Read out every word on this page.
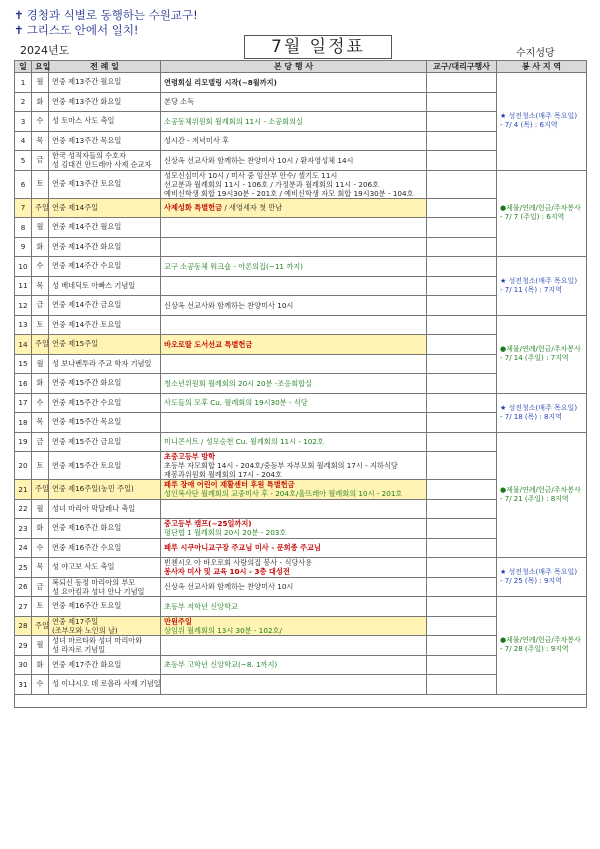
✝ 경청과 식별로 동행하는 수원교구!
✝ 그리스도 안에서 일치!
2024년도	7월 일정표	수지성당
일	요일	전 례 일	본 당 행 사	교구/대리구행사	봉 사 지 역
1	월	연중 제13주간 월요일	연령회실 리모델링 시작(~8월까지)		★ 성전청소(매주 목요일)
- 7/ 4 (목) : 6지역

2	화	연중 제13주간 화요일	본당 소독		

3	수	성 토마스 사도 축일	소공동체위원회 월례회의 11시 - 소공회의실		

4	목	연중 제13주간 목요일	성시간 - 저녁미사 후		

5	금	한국 성직자들의 수호자
성 김대건 안드레아 사제 순교자	신상옥 선교사와 함께하는 찬양미사 10시 / 환자영성체 14시		

6	토	연중 제13주간 토요일	성모신심미사 10시 / 미사 중 임산부 안수/ 셀기도 11시
선교분과 월례회의 11시 - 106호 / 가정분과 월례회의 11시 - 206호
예비신학생 회합 19시30분 - 201호 / 예비신학생 자모 회합 19시30분 - 104호		●제물/연례/헌금/주차봉사
- 7/ 7 (주일) : 6지역

7	주일	연중 제14주일	사제성화 특별헌금 / 새영세자 첫 만남		
8	월	연중 제14주간 월요일			
9	화	연중 제14주간 화요일			
10	수	연중 제14주간 수요일	교구 소공동체 워크숍 - 아론의집(~11 까지)		★ 성전청소(매주 목요일)
- 7/ 11 (목) : 7지역

11	목	성 베네딕토 아빠스 기념일			
12	금	연중 제14주간 금요일	신상옥 선교사와 함께하는 찬양미사 10시		

13	토	연중 제14주간 토요일			●제물/연례/헌금/주차봉사
- 7/ 14 (주일) : 7지역

14	주일	연중 제15주일	바오로딸 도서선교 특별헌금		

15	월	성 보나벤투라 주교 학자 기념일			
16	화	연중 제15주간 화요일	청소년위원회 월례회의 20시 20분 -조응회합실		

17	수	연중 제15주간 수요일	사도들의 모후 Cu. 월례회의 19시30분 - 식당		★ 성전청소(매주 목요일)
- 7/ 18 (목) : 8지역

18	목	연중 제15주간 목요일			
19	금	연중 제15주간 금요일	미니콘서트 / 성모승천 Cu. 월례회의 11시 - 102호		●제물/연례/헌금/주차봉사
- 7/ 21 (주일) : 8지역

20	토	연중 제15주간 토요일	초중고등부 방학
초등부 자모회합 14시 - 204호/중등부 자부모회 월례회의 17시 - 지하식당
재봉과위원회 월례회의 17시 - 204호		

21	주일	연중 제16주일(농민 주일)	패루 장애 어린이 재활센터 후원 특별헌금
성인복사단 월례회의 교중미사 후 - 204호/울뜨레아 월례회의 10시 - 201호		

22	월	성녀 마리아 막달레나 축일			
23	화	연중 제16주간 화요일	중고등부 캠프(~25일까지)
평단협 1 월례회의 20시 20분 - 203호		

24	수	연중 제16주간 수요일	페루 시쿠아니교구장 주교님 미사 - 문희종 주교님		

25	목	성 야고보 사도 축일	빈첸시오 아 바오로회 사랑의집 봉사 - 식당사용
봉사자 미사 및 교육 10시 - 3층 대성전		★ 성전청소(매주 목요일)
- 7/ 25 (목) : 9지역

26	금	복되신 동정 마리아의 부모
성 요아킴과 성녀 안나 기념일	신상옥 선교사와 함께하는 찬양미사 10시		

27	토	연중 제16주간 토요일	초등부 저학년 신앙학교		●제물/연례/헌금/주차봉사
- 7/ 28 (주일) : 9지역

28	주일	연중 제17주일
(조부모와 노인의 날)	만원주일
상임위 월례회의 13시 30분 - 102호/		

29	월	성녀 마르타와 성녀 마리아와
성 라자로 기념일			

30	화	연중 제17주간 화요일	초등부 고학년 신앙학교(~8. 1까지)		

31	수	성 이냐시오 데 로욜라 사제 기념일			
